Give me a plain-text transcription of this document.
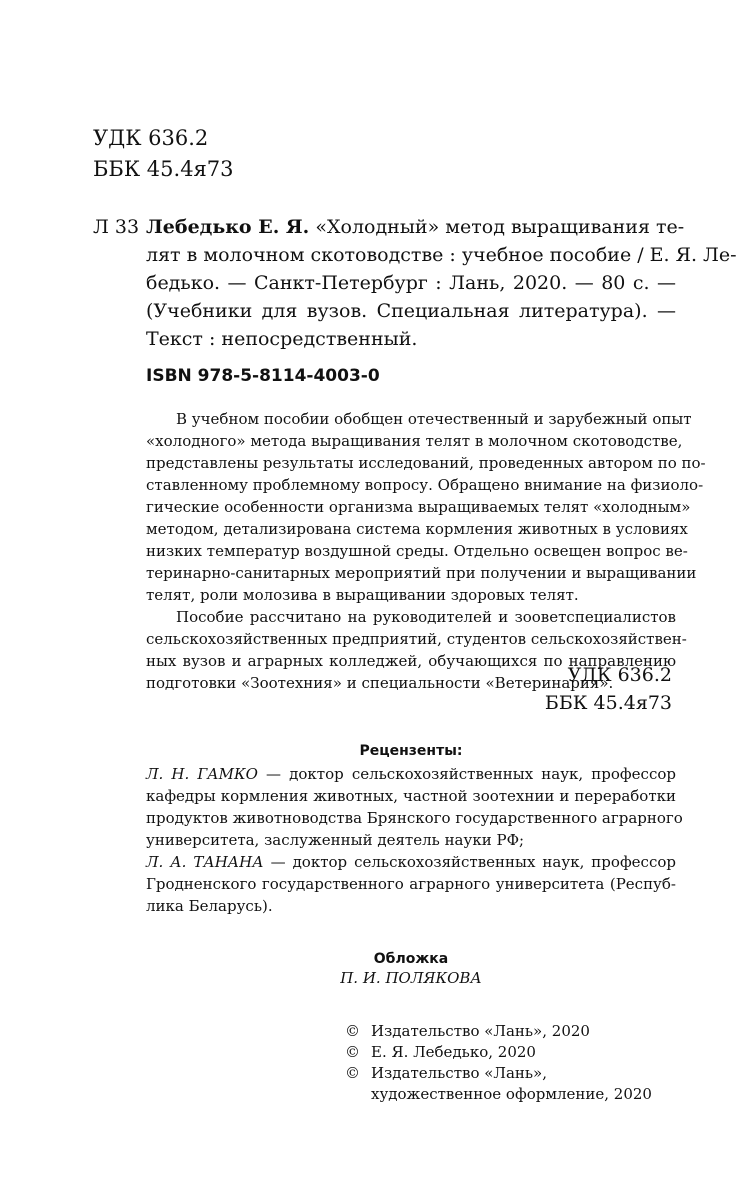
УДК 636.2
ББК 45.4я73
Л 33 Лебедько Е. Я. «Холодный» метод выращивания те-
лят в молочном скотоводстве : учебное пособие / Е. Я. Ле-
бедько. — Санкт-Петербург : Лань, 2020. — 80 с. —
(Учебники для вузов. Специальная литература). —
Текст : непосредственный.
ISBN 978-5-8114-4003-0
В учебном пособии обобщен отечественный и зарубежный опыт
«холодного» метода выращивания телят в молочном скотоводстве,
представлены результаты исследований, проведенных автором по по-
ставленному проблемному вопросу. Обращено внимание на физиоло-
гические особенности организма выращиваемых телят «холодным»
методом, детализирована система кормления животных в условиях
низких температур воздушной среды. Отдельно освещен вопрос ве-
теринарно-санитарных мероприятий при получении и выращивании
телят, роли молозива в выращивании здоровых телят.
Пособие рассчитано на руководителей и зооветспециалистов
сельскохозяйственных предприятий, студентов сельскохозяйствен-
ных вузов и аграрных колледжей, обучающихся по направлению
подготовки «Зоотехния» и специальности «Ветеринария».
УДК 636.2
ББК 45.4я73
Рецензенты:
Л. Н. ГАМКО — доктор сельскохозяйственных наук, профессор
кафедры кормления животных, частной зоотехнии и переработки
продуктов животноводства Брянского государственного аграрного
университета, заслуженный деятель науки РФ;
Л. А. ТАНАНА — доктор сельскохозяйственных наук, профессор
Гродненского государственного аграрного университета (Респуб-
лика Беларусь).
Обложка
П. И. ПОЛЯКОВА
© Издательство «Лань», 2020
© Е. Я. Лебедько, 2020
© Издательство «Лань»,
художественное оформление, 2020
